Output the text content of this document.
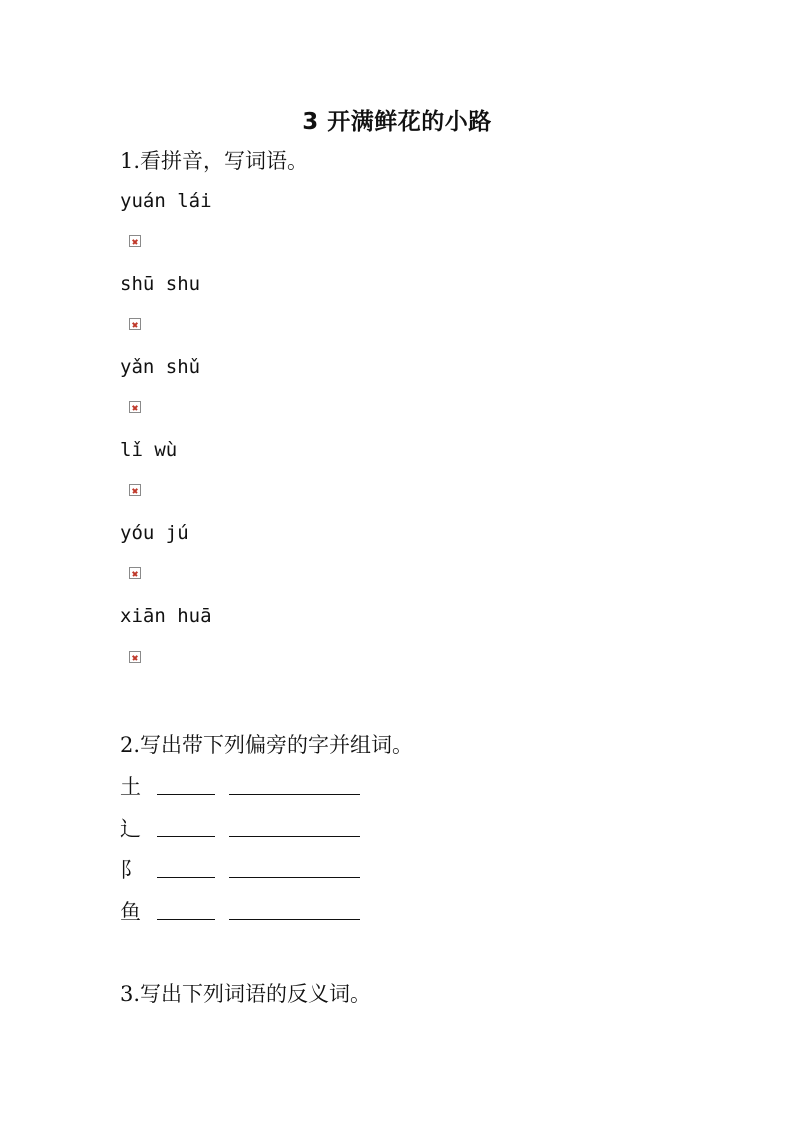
3 开满鲜花的小路
1.看拼音，写词语。
yuán lái
shū shu
yǎn shǔ
lǐ wù
yóu jú
xiān huā
2.写出带下列偏旁的字并组词。
土
辶
阝
鱼
3.写出下列词语的反义词。
